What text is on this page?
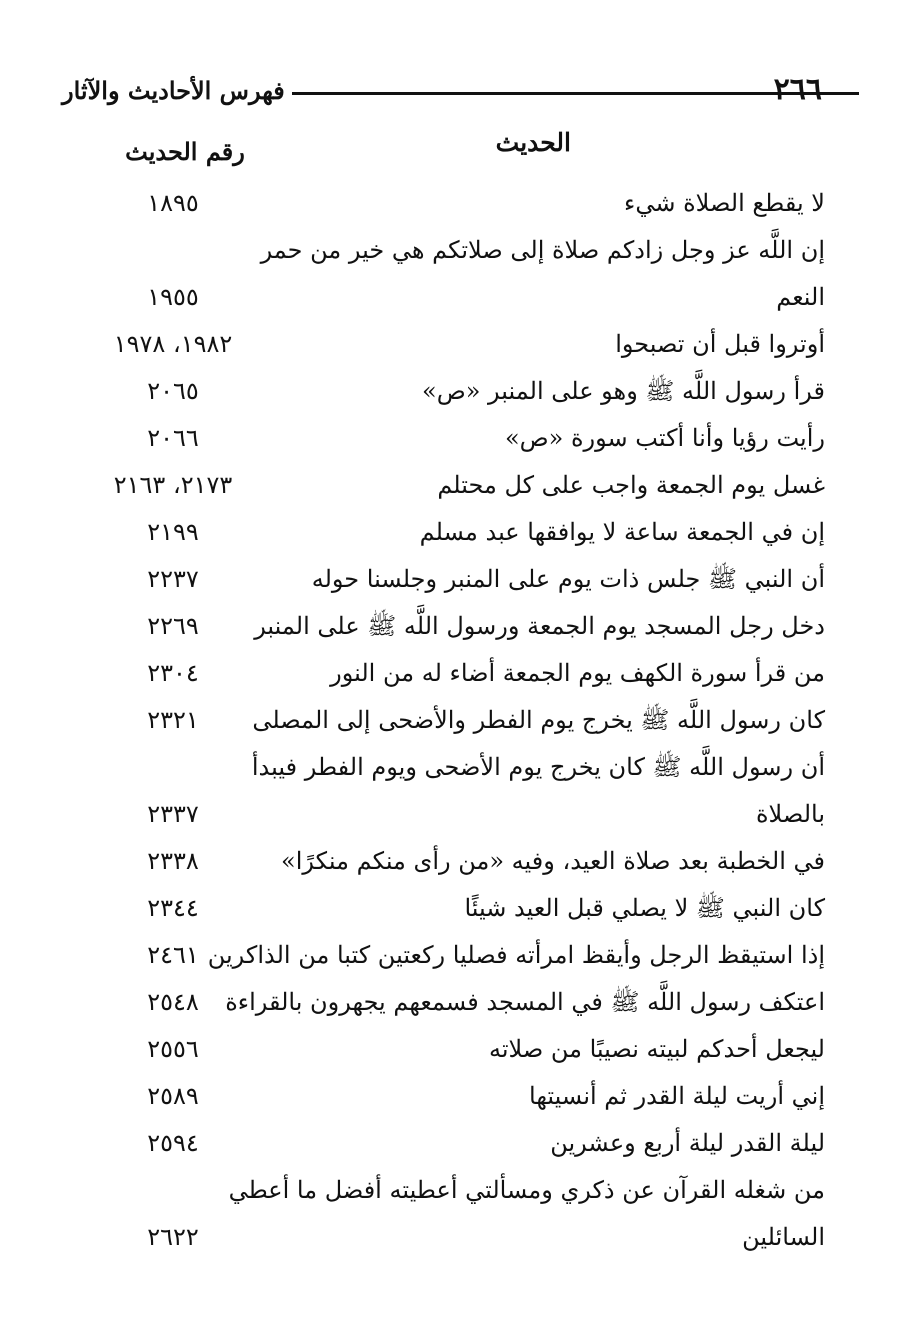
٢٦٦
فهرس الأحاديث والآثار
الحديث
رقم الحديث
لا يقطع الصلاة شيء
١٨٩٥
إن اللَّه عز وجل زادكم صلاة إلى صلاتكم هي خير من حمر
النعم
١٩٥٥
أوتروا قبل أن تصبحوا
١٩٨٢، ١٩٧٨
قرأ رسول اللَّه ﷺ وهو على المنبر «ص»
٢٠٦٥
رأيت رؤيا وأنا أكتب سورة «ص»
٢٠٦٦
غسل يوم الجمعة واجب على كل محتلم
٢١٧٣، ٢١٦٣
إن في الجمعة ساعة لا يوافقها عبد مسلم
٢١٩٩
أن النبي ﷺ جلس ذات يوم على المنبر وجلسنا حوله
٢٢٣٧
دخل رجل المسجد يوم الجمعة ورسول اللَّه ﷺ على المنبر
٢٢٦٩
من قرأ سورة الكهف يوم الجمعة أضاء له من النور
٢٣٠٤
كان رسول اللَّه ﷺ يخرج يوم الفطر والأضحى إلى المصلى
٢٣٢١
أن رسول اللَّه ﷺ كان يخرج يوم الأضحى ويوم الفطر فيبدأ
بالصلاة
٢٣٣٧
في الخطبة بعد صلاة العيد، وفيه «من رأى منكم منكرًا»
٢٣٣٨
كان النبي ﷺ لا يصلي قبل العيد شيئًا
٢٣٤٤
إذا استيقظ الرجل وأيقظ امرأته فصليا ركعتين كتبا من الذاكرين
٢٤٦١
اعتكف رسول اللَّه ﷺ في المسجد فسمعهم يجهرون بالقراءة
٢٥٤٨
ليجعل أحدكم لبيته نصيبًا من صلاته
٢٥٥٦
إني أريت ليلة القدر ثم أنسيتها
٢٥٨٩
ليلة القدر ليلة أربع وعشرين
٢٥٩٤
من شغله القرآن عن ذكري ومسألتي أعطيته أفضل ما أعطي
السائلين
٢٦٢٢
